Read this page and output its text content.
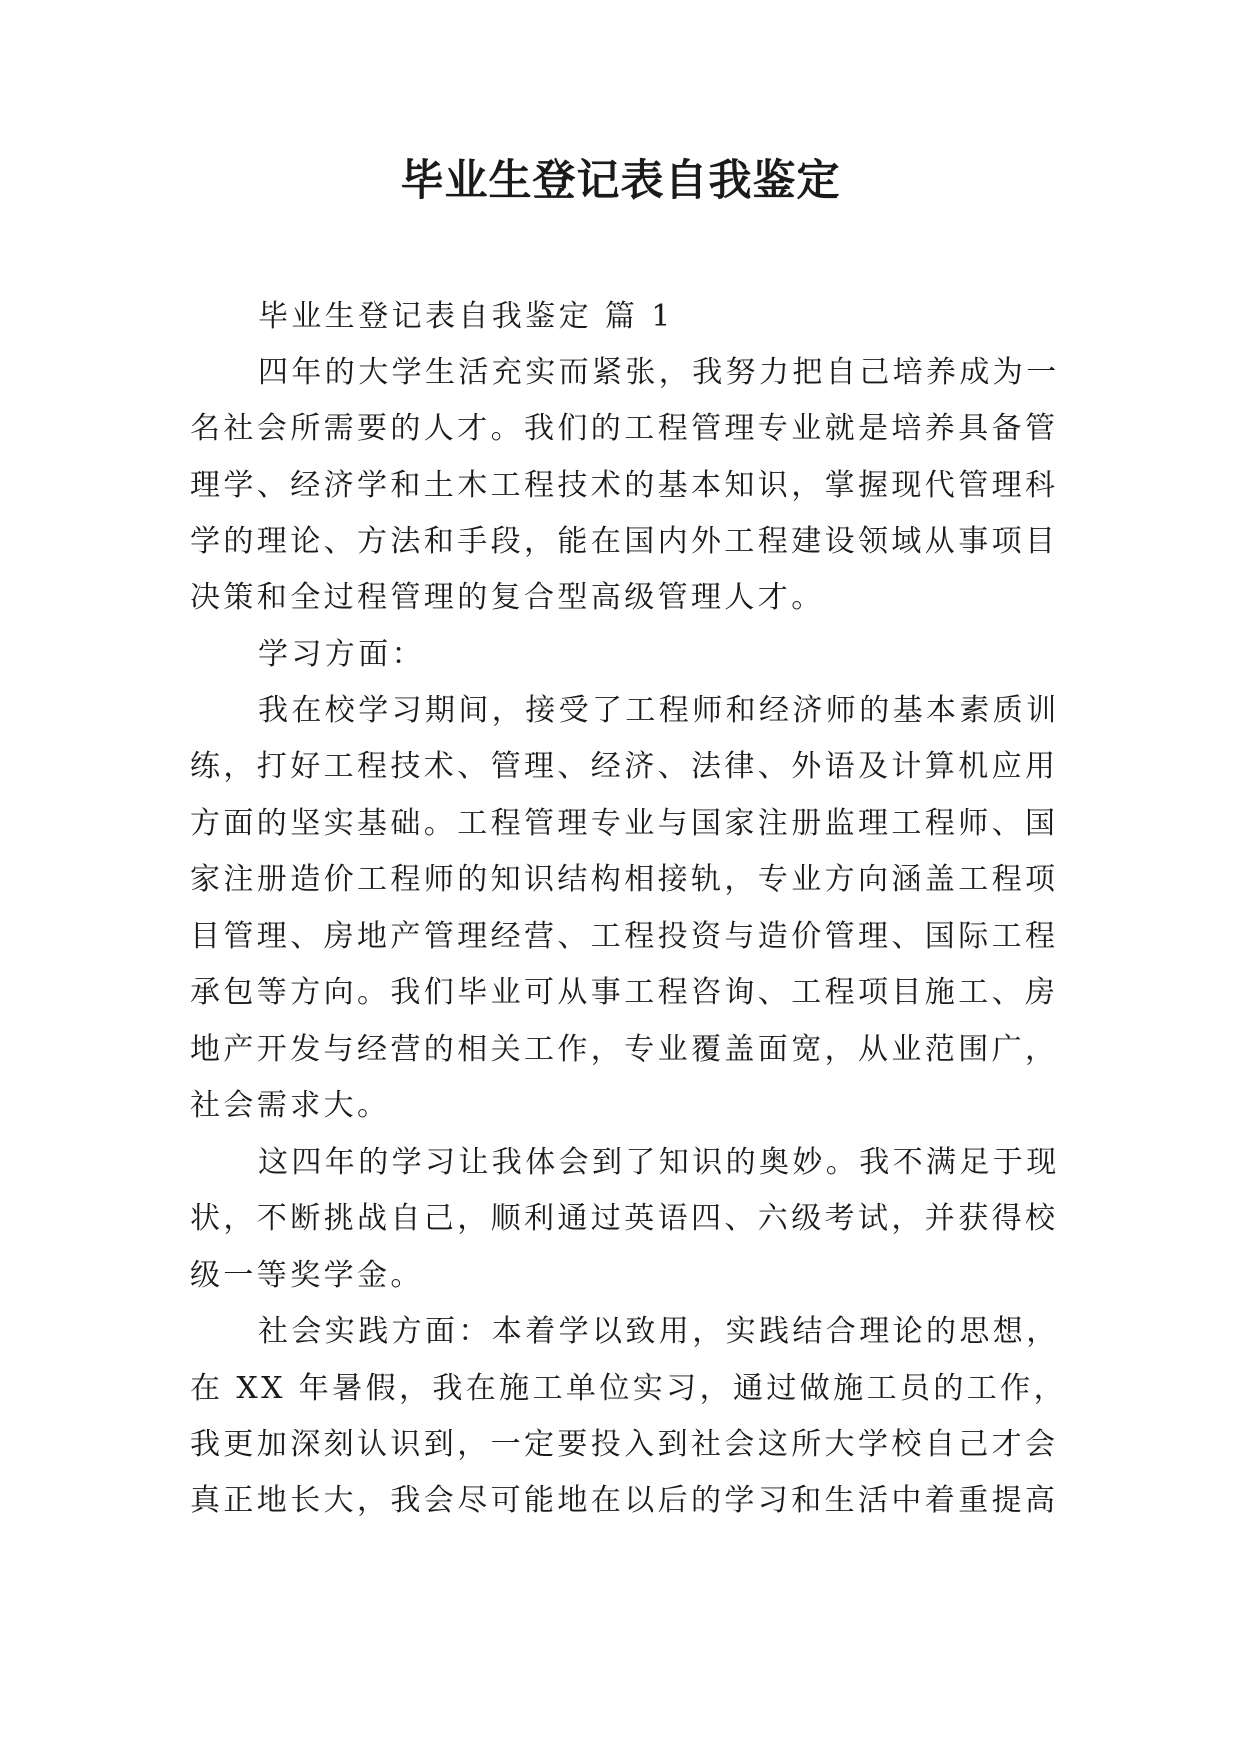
毕业生登记表自我鉴定

毕业生登记表自我鉴定 篇 1

四年的大学生活充实而紧张，我努力把自己培养成为一

名社会所需要的人才。我们的工程管理专业就是培养具备管

理学、经济学和土木工程技术的基本知识，掌握现代管理科

学的理论、方法和手段，能在国内外工程建设领域从事项目

决策和全过程管理的复合型高级管理人才。

学习方面：

我在校学习期间，接受了工程师和经济师的基本素质训

练，打好工程技术、管理、经济、法律、外语及计算机应用

方面的坚实基础。工程管理专业与国家注册监理工程师、国

家注册造价工程师的知识结构相接轨，专业方向涵盖工程项

目管理、房地产管理经营、工程投资与造价管理、国际工程

承包等方向。我们毕业可从事工程咨询、工程项目施工、房

地产开发与经营的相关工作，专业覆盖面宽，从业范围广，

社会需求大。

这四年的学习让我体会到了知识的奥妙。我不满足于现

状，不断挑战自己，顺利通过英语四、六级考试，并获得校

级一等奖学金。

社会实践方面：本着学以致用，实践结合理论的思想，

在 XX 年暑假，我在施工单位实习，通过做施工员的工作，

我更加深刻认识到，一定要投入到社会这所大学校自己才会

真正地长大，我会尽可能地在以后的学习和生活中着重提高
